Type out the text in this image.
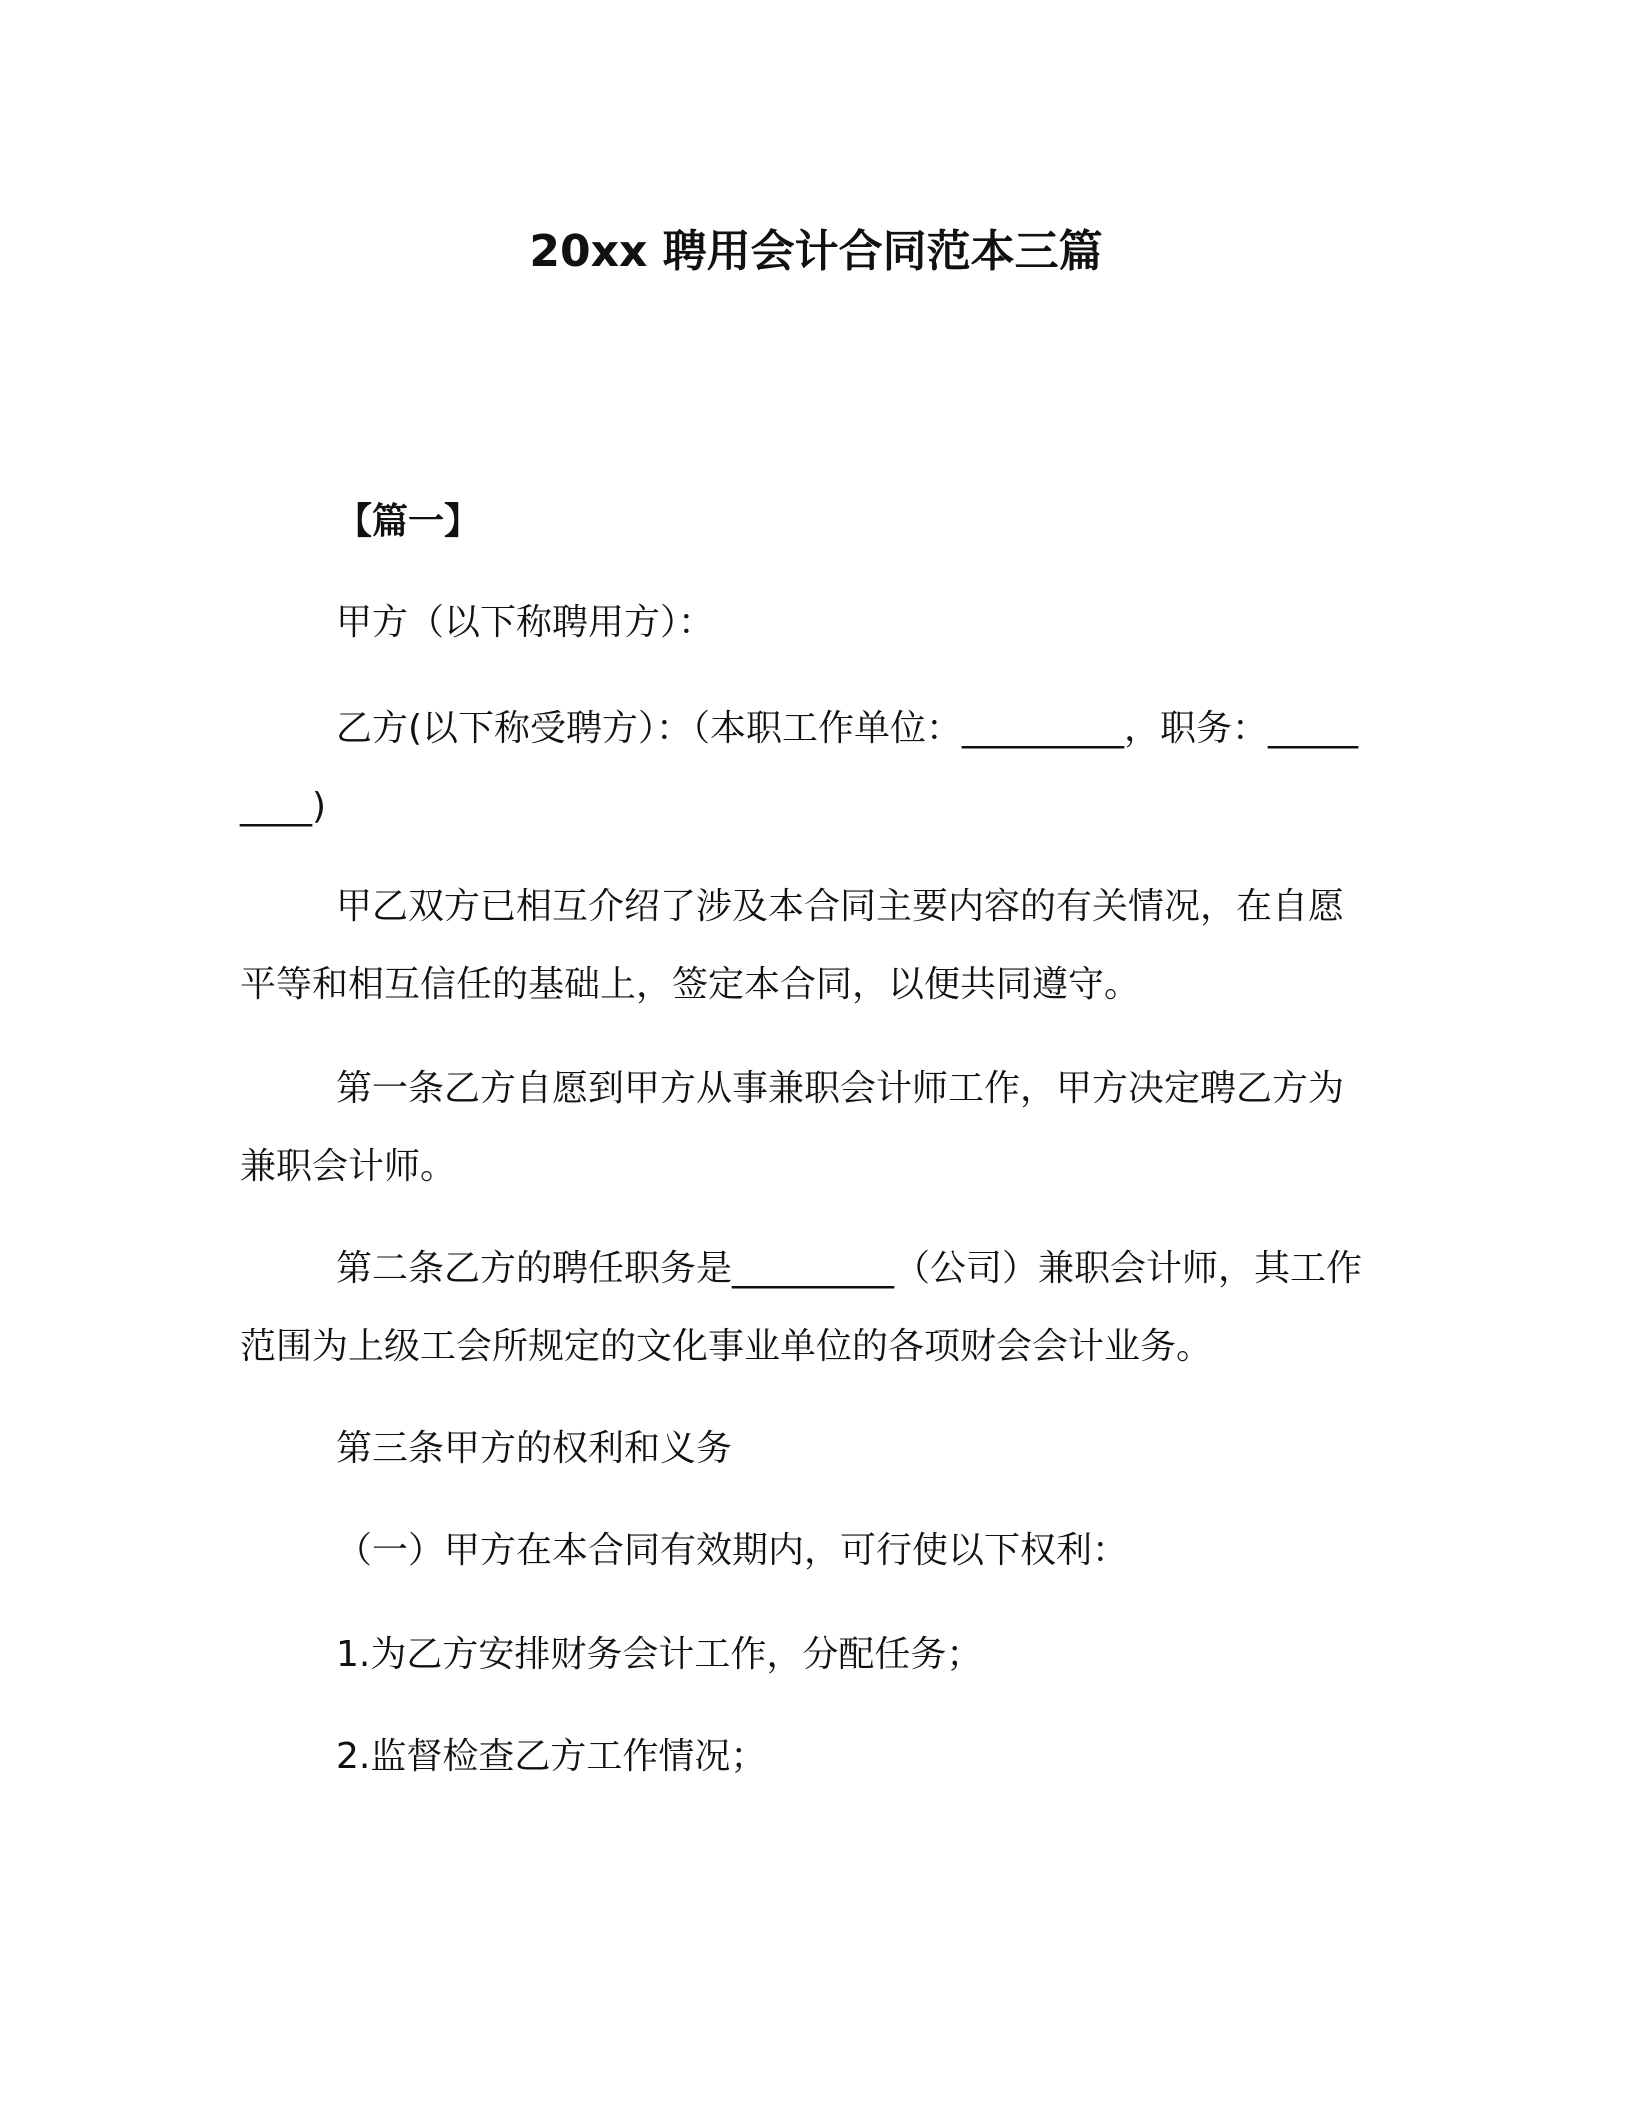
20xx 聘用会计合同范本三篇
【篇一】

甲方（以下称聘用方）：

乙方(以下称受聘方）：（本职工作单位：_________，职务：_________)

甲乙双方已相互介绍了涉及本合同主要内容的有关情况，在自愿平等和相互信任的基础上，签定本合同，以便共同遵守。

第一条乙方自愿到甲方从事兼职会计师工作，甲方决定聘乙方为兼职会计师。

第二条乙方的聘任职务是_________（公司）兼职会计师，其工作范围为上级工会所规定的文化事业单位的各项财会会计业务。

第三条甲方的权利和义务

（一）甲方在本合同有效期内，可行使以下权利：

1.为乙方安排财务会计工作，分配任务；

2.监督检查乙方工作情况；
